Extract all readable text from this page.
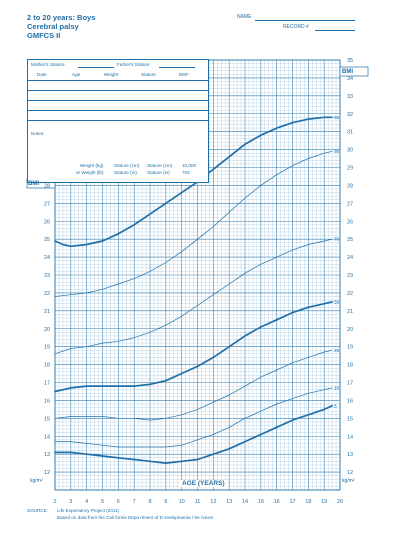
2 to 20 years: Boys
Cerebral palsy
GMFCS II
NAME
RECORD #
5
10
25
50
75
90
95
12
13
14
15
16
17
18
19
20
21
22
23
24
25
26
27
28
12
13
14
15
16
17
18
19
20
21
22
23
24
25
26
27
28
29
30
31
32
33
34
35
2 3 4 5 6 7 8 9 10 11 12 13 14 15 16 17 18 19 20
Mother's Stature	Father's Stature
Date	Age	Weight	Stature	BMI*
Notes:
Weight (kg) Stature (cm) Stature (cm) 10,000
or Weight (lb) Stature (in) Stature (in)	703
BMI
BMI
kg/m²	kg/m²
AGE (YEARS)
SOURCE: Life Expectancy Project (2011)
Based on data from the Cali fornia Depa rtment of D evelopmenta l Se rvices
